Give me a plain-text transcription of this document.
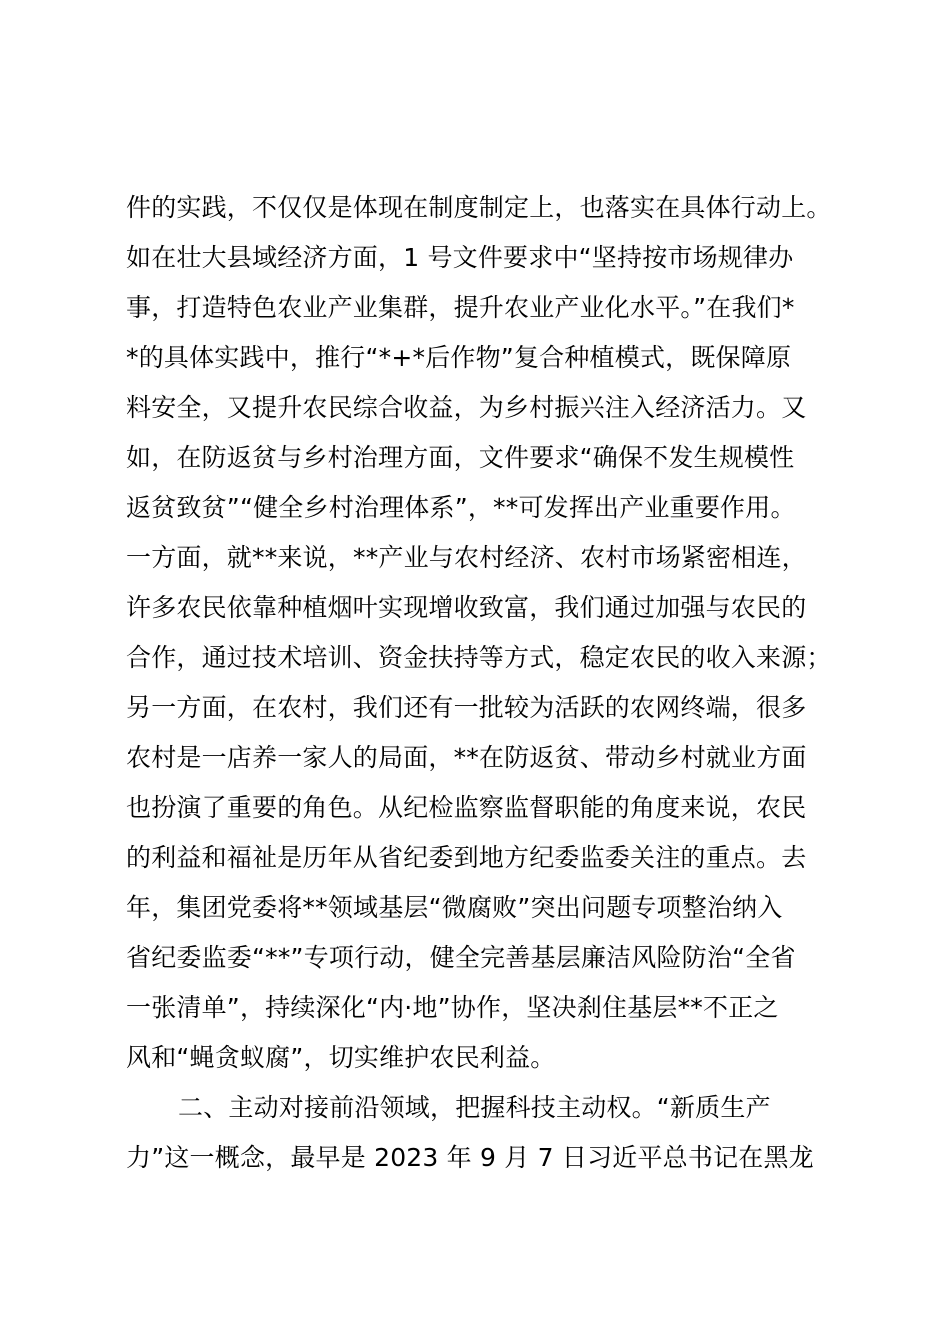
件的实践，不仅仅是体现在制度制定上，也落实在具体行动上。
如在壮大县域经济方面，1 号文件要求中“坚持按市场规律办
事，打造特色农业产业集群，提升农业产业化水平。”在我们*
*的具体实践中，推行“*+*后作物”复合种植模式，既保障原
料安全，又提升农民综合收益，为乡村振兴注入经济活力。又
如，在防返贫与乡村治理方面，文件要求“确保不发生规模性
返贫致贫”“健全乡村治理体系”，**可发挥出产业重要作用。
一方面，就**来说，**产业与农村经济、农村市场紧密相连，
许多农民依靠种植烟叶实现增收致富，我们通过加强与农民的
合作，通过技术培训、资金扶持等方式，稳定农民的收入来源；
另一方面，在农村，我们还有一批较为活跃的农网终端，很多
农村是一店养一家人的局面，**在防返贫、带动乡村就业方面
也扮演了重要的角色。从纪检监察监督职能的角度来说，农民
的利益和福祉是历年从省纪委到地方纪委监委关注的重点。去
年，集团党委将**领域基层“微腐败”突出问题专项整治纳入
省纪委监委“**”专项行动，健全完善基层廉洁风险防治“全省
一张清单”，持续深化“内·地”协作，坚决刹住基层**不正之
风和“蝇贪蚁腐”，切实维护农民利益。
二、主动对接前沿领域，把握科技主动权。“新质生产
力”这一概念，最早是 2023 年 9 月 7 日习近平总书记在黑龙
